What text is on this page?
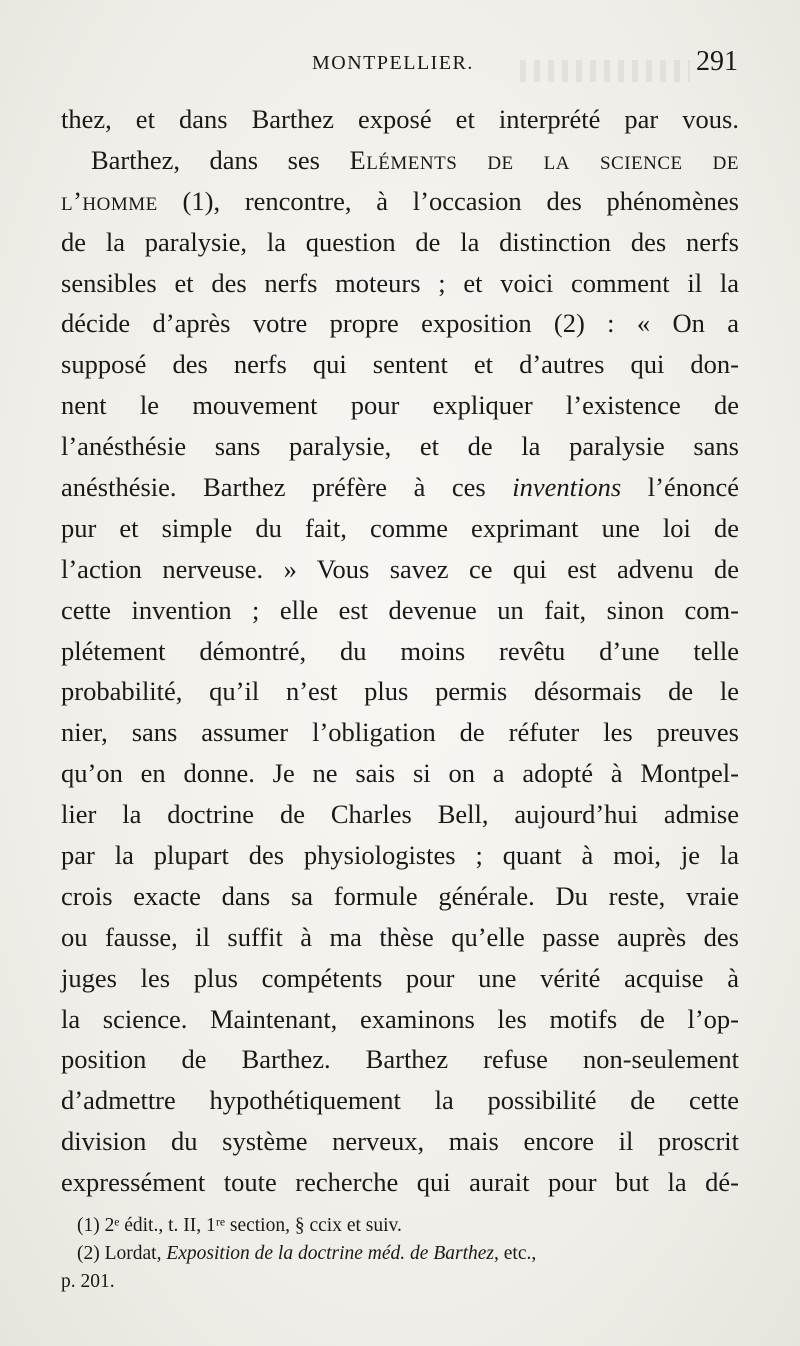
MONTPELLIER.	291
thez, et dans Barthez exposé et interprété par vous.
Barthez, dans ses Eléments de la science de
l’homme (1), rencontre, à l’occasion des phénomènes
de la paralysie, la question de la distinction des nerfs
sensibles et des nerfs moteurs ; et voici comment il la
décide d’après votre propre exposition (2) : « On a
supposé des nerfs qui sentent et d’autres qui don-
nent le mouvement pour expliquer l’existence de
l’anésthésie sans paralysie, et de la paralysie sans
anésthésie. Barthez préfère à ces inventions l’énoncé
pur et simple du fait, comme exprimant une loi de
l’action nerveuse. » Vous savez ce qui est advenu de
cette invention ; elle est devenue un fait, sinon com-
plétement démontré, du moins revêtu d’une telle
probabilité, qu’il n’est plus permis désormais de le
nier, sans assumer l’obligation de réfuter les preuves
qu’on en donne. Je ne sais si on a adopté à Montpel-
lier la doctrine de Charles Bell, aujourd’hui admise
par la plupart des physiologistes ; quant à moi, je la
crois exacte dans sa formule générale. Du reste, vraie
ou fausse, il suffit à ma thèse qu’elle passe auprès des
juges les plus compétents pour une vérité acquise à
la science. Maintenant, examinons les motifs de l’op-
position de Barthez. Barthez refuse non-seulement
d’admettre hypothétiquement la possibilité de cette
division du système nerveux, mais encore il proscrit
expressément toute recherche qui aurait pour but la dé-
(1) 2ᵉ édit., t. II, 1ʳᵉ section, § ccix et suiv.
(2) Lordat, Exposition de la doctrine méd. de Barthez, etc.,
p. 201.
